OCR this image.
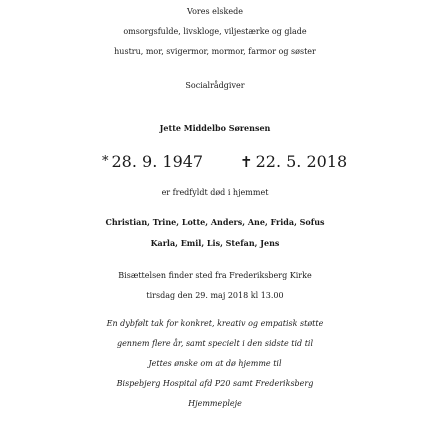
Vores elskede
omsorgsfulde, livskloge, viljestærke og glade
hustru, mor, svigermor, mormor, farmor og søster
Socialrådgiver
Jette Middelbo Sørensen
* 28. 9. 1947 ✝ 22. 5. 2018
er fredfyldt død i hjemmet
Christian, Trine, Lotte, Anders, Ane, Frida, Sofus
Karla, Emil, Lis, Stefan, Jens
Bisættelsen finder sted fra Frederiksberg Kirke
tirsdag den 29. maj 2018 kl 13.00
En dybfølt tak for konkret, kreativ og empatisk støtte
gennem flere år, samt specielt i den sidste tid til
Jettes ønske om at dø hjemme til
Bispebjerg Hospital afd P20 samt Frederiksberg
Hjemmepleje
